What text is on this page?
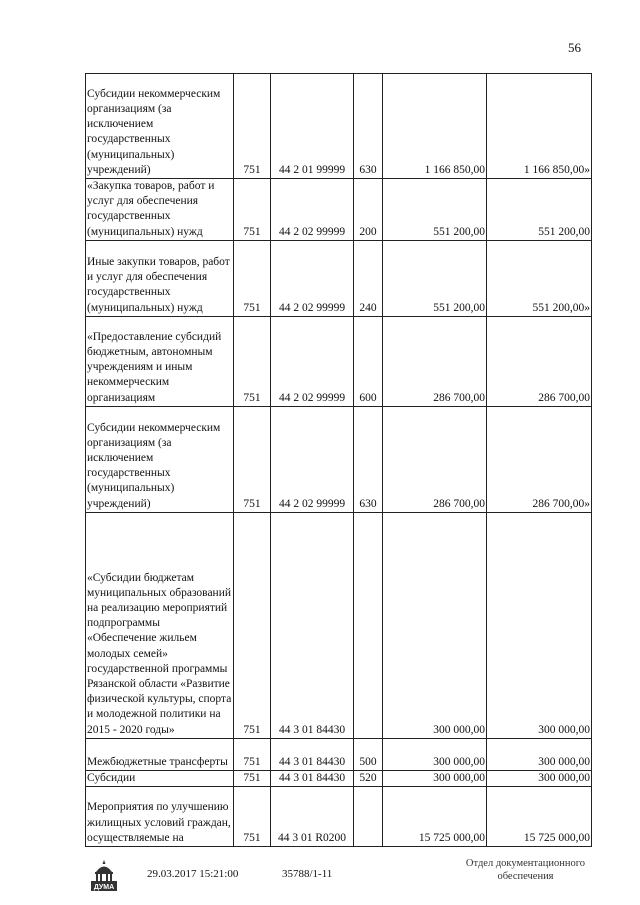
56
Субсидии некоммерческим организациям (за исключением государственных (муниципальных) учреждений)	751	44 2 01 99999	630	1 166 850,00	1 166 850,00»
«Закупка товаров, работ и услуг для обеспечения государственных (муниципальных) нужд	751	44 2 02 99999	200	551 200,00	551 200,00
Иные закупки товаров, работ и услуг для обеспечения государственных (муниципальных) нужд	751	44 2 02 99999	240	551 200,00	551 200,00»
«Предоставление субсидий бюджетным, автономным учреждениям и иным некоммерческим организациям	751	44 2 02 99999	600	286 700,00	286 700,00
Субсидии некоммерческим организациям (за исключением государственных (муниципальных) учреждений)	751	44 2 02 99999	630	286 700,00	286 700,00»
«Субсидии бюджетам муниципальных образований на реализацию мероприятий подпрограммы «Обеспечение жильем молодых семей» государственной программы Рязанской области «Развитие физической культуры, спорта и молодежной политики на 2015 - 2020 годы»	751	44 3 01 84430		300 000,00	300 000,00
Межбюджетные трансферты	751	44 3 01 84430	500	300 000,00	300 000,00
Субсидии	751	44 3 01 84430	520	300 000,00	300 000,00
Мероприятия по улучшению жилищных условий граждан, осуществляемые на	751	44 3 01 R0200		15 725 000,00	15 725 000,00
ДУМА
29.03.2017 15:21:00	35788/1-11
Отдел документационного
обеспечения
